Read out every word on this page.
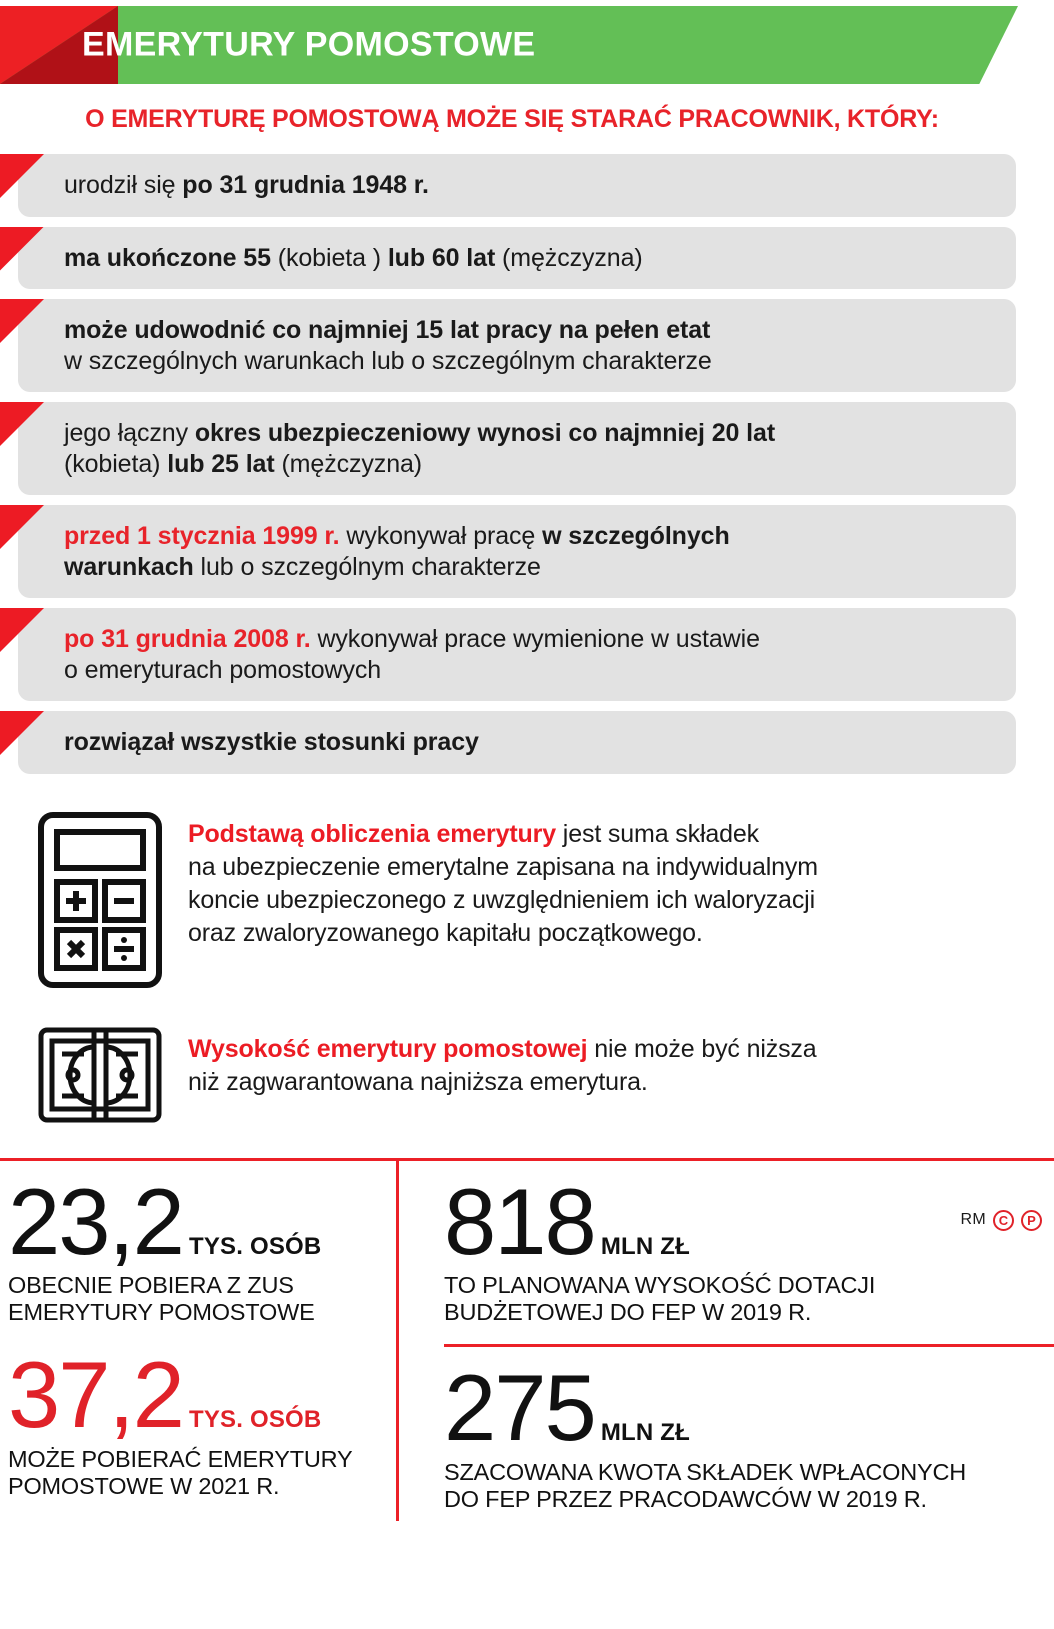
EMERYTURY POMOSTOWE
O EMERYTURĘ POMOSTOWĄ MOŻE SIĘ STARAĆ PRACOWNIK, KTÓRY:
urodził się po 31 grudnia 1948 r.
ma ukończone 55 (kobieta ) lub 60 lat (mężczyzna)
może udowodnić co najmniej 15 lat pracy na pełen etat
w szczególnych warunkach lub o szczególnym charakterze
jego łączny okres ubezpieczeniowy wynosi co najmniej 20 lat
(kobieta) lub 25 lat (mężczyzna)
przed 1 stycznia 1999 r. wykonywał pracę w szczególnych
warunkach lub o szczególnym charakterze
po 31 grudnia 2008 r. wykonywał prace wymienione w ustawie
o emeryturach pomostowych
rozwiązał wszystkie stosunki pracy
Podstawą obliczenia emerytury jest suma składek
na ubezpieczenie emerytalne zapisana na indywidualnym
koncie ubezpieczonego z uwzględnieniem ich waloryzacji
oraz zwaloryzowanego kapitału początkowego.
Wysokość emerytury pomostowej nie może być niższa
niż zagwarantowana najniższa emerytura.
23,2 TYS. OSÓB
OBECNIE POBIERA Z ZUS
EMERYTURY POMOSTOWE
37,2 TYS. OSÓB
MOŻE POBIERAĆ EMERYTURY
POMOSTOWE W 2021 R.
818 MLN ZŁ
TO PLANOWANA WYSOKOŚĆ DOTACJI
BUDŻETOWEJ DO FEP W 2019 R.
275 MLN ZŁ
SZACOWANA KWOTA SKŁADEK WPŁACONYCH
DO FEP PRZEZ PRACODAWCÓW W 2019 R.
RM C	P
